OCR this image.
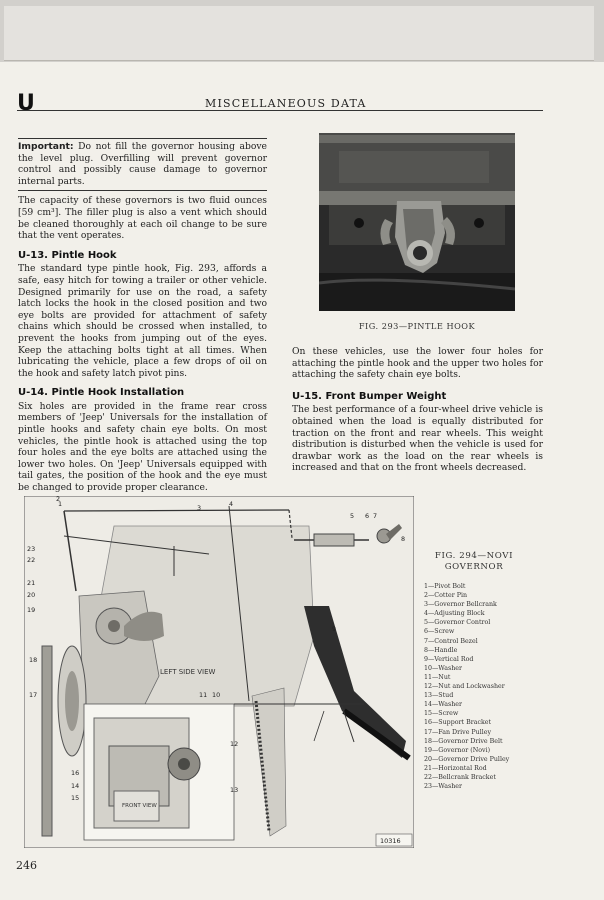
U	MISCELLANEOUS DATA
Important: Do not fill the governor housing above the level plug. Overfilling will prevent governor control and possibly cause damage to governor internal parts.

The capacity of these governors is two fluid ounces [59 cm³]. The filler plug is also a vent which should be cleaned thoroughly at each oil change to be sure that the vent operates.

U-13. Pintle Hook

The standard type pintle hook, Fig. 293, affords a safe, easy hitch for towing a trailer or other vehicle. Designed primarily for use on the road, a safety latch locks the hook in the closed position and two eye bolts are provided for attachment of safety chains which should be crossed when installed, to prevent the hooks from jumping out of the eyes. Keep the attaching bolts tight at all times. When lubricating the vehicle, place a few drops of oil on the hook and safety latch pivot pins.

U-14. Pintle Hook Installation

Six holes are provided in the frame rear cross members of 'Jeep' Universals for the installation of pintle hooks and safety chain eye bolts. On most vehicles, the pintle hook is attached using the top four holes and the eye bolts are attached using the lower two holes. On 'Jeep' Universals equipped with tail gates, the position of the hook and the eye must be changed to provide proper clearance.

FIG. 293—PINTLE HOOK

On these vehicles, use the lower four holes for attaching the pintle hook and the upper two holes for attaching the safety chain eye bolts.

U-15. Front Bumper Weight

The best performance of a four-wheel drive vehicle is obtained when the load is equally distributed for traction on the front and rear wheels. This weight distribution is disturbed when the vehicle is used for drawbar work as the load on the rear wheels is increased and that on the front wheels decreased.

1
2
3	4
5 6 7
8
9
10
11
12
13
14
15
16
17
18
19
20
21
22
23
LEFT SIDE VIEW
FRONT VIEW
10316
FIG. 294—NOVI
GOVERNOR
1—Pivot Bolt
2—Cotter Pin
3—Governor Bellcrank
4—Adjusting Block
5—Governor Control
6—Screw
7—Control Bezel
8—Handle
9—Vertical Rod
10—Washer
11—Nut
12—Nut and Lockwasher
13—Stud
14—Washer
15—Screw
16—Support Bracket
17—Fan Drive Pulley
18—Governor Drive Belt
19—Governor (Novi)
20—Governor Drive Pulley
21—Horizontal Rod
22—Bellcrank Bracket
23—Washer
246
